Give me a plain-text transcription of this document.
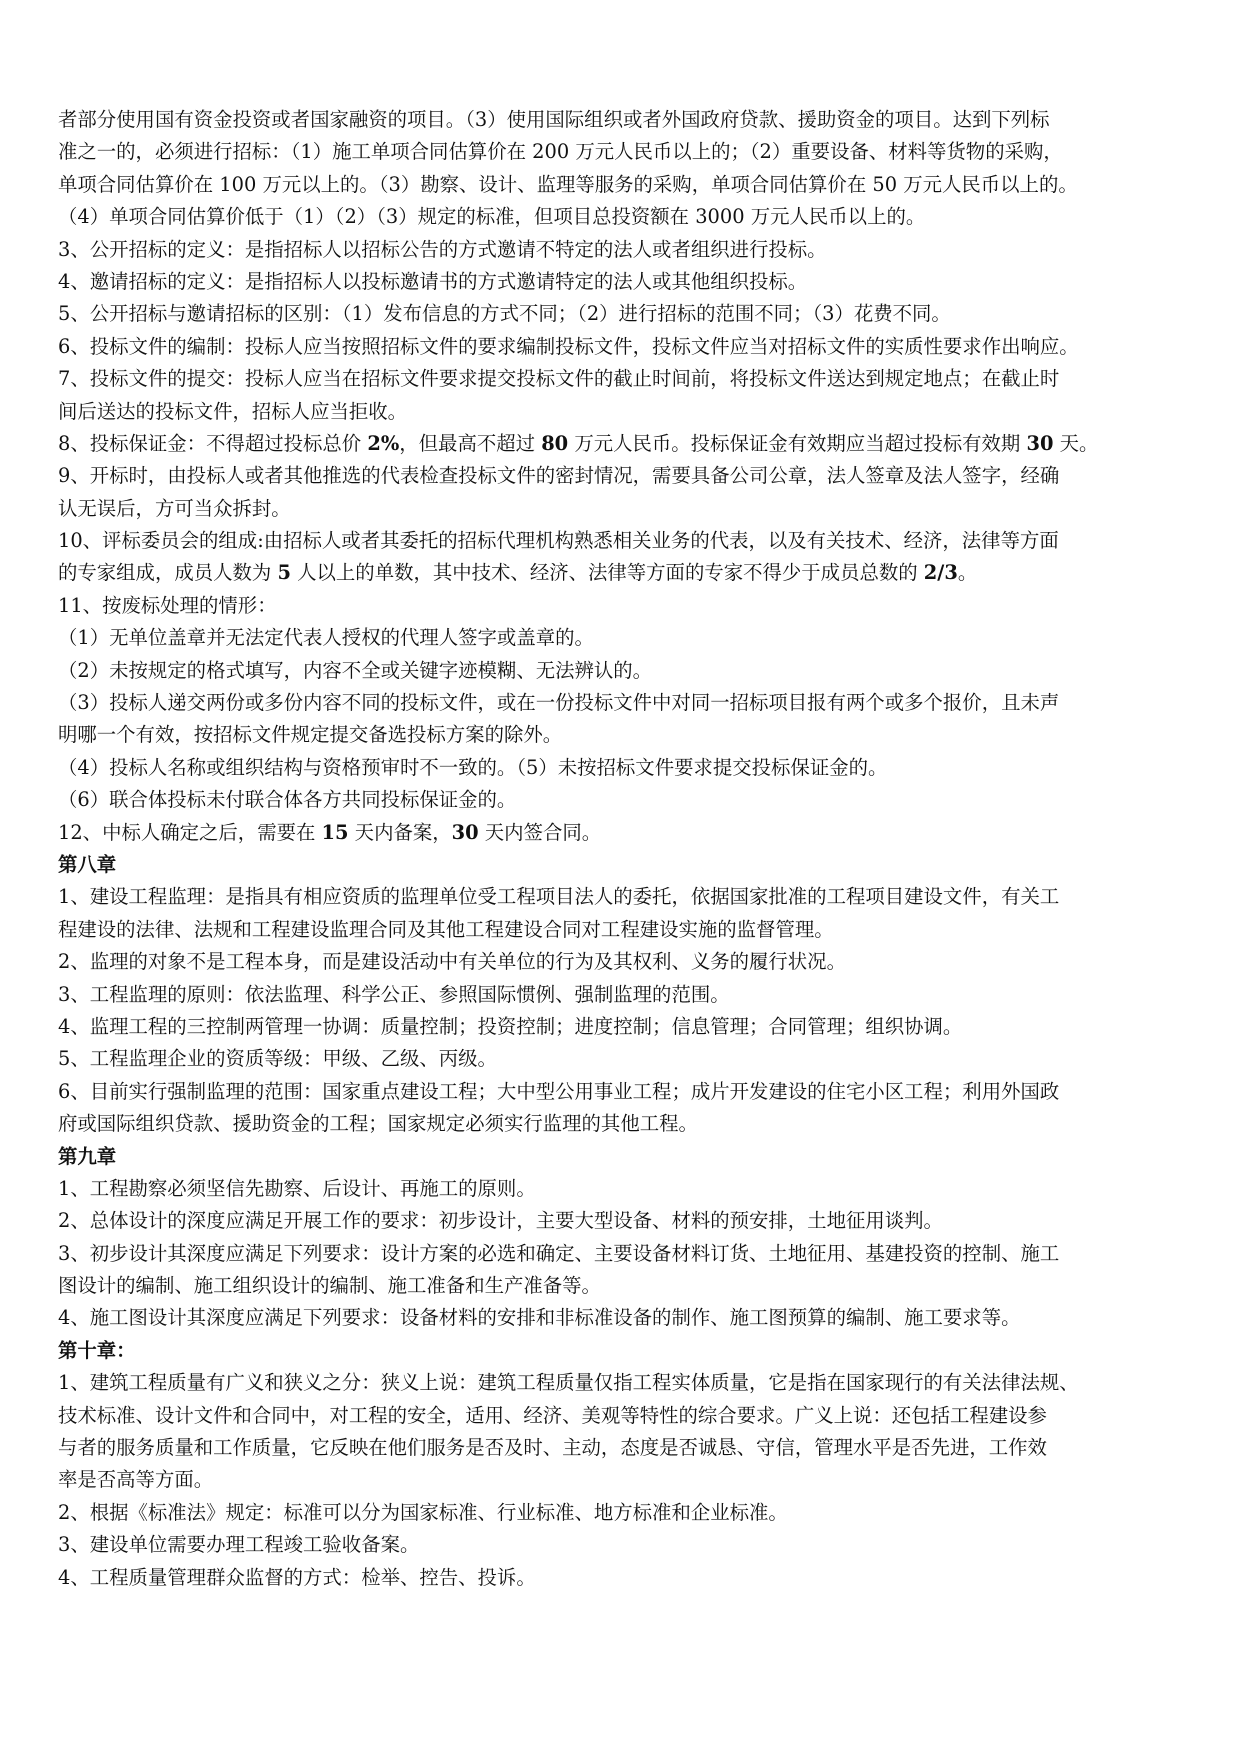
者部分使用国有资金投资或者国家融资的项目。（3）使用国际组织或者外国政府贷款、援助资金的项目。达到下列标
准之一的，必须进行招标：（1）施工单项合同估算价在 200 万元人民币以上的；（2）重要设备、材料等货物的采购，
单项合同估算价在 100 万元以上的。（3）勘察、设计、监理等服务的采购，单项合同估算价在 50 万元人民币以上的。
（4）单项合同估算价低于（1）（2）（3）规定的标准，但项目总投资额在 3000 万元人民币以上的。
3、公开招标的定义：是指招标人以招标公告的方式邀请不特定的法人或者组织进行投标。
4、邀请招标的定义：是指招标人以投标邀请书的方式邀请特定的法人或其他组织投标。
5、公开招标与邀请招标的区别：（1）发布信息的方式不同；（2）进行招标的范围不同；（3）花费不同。
6、投标文件的编制：投标人应当按照招标文件的要求编制投标文件，投标文件应当对招标文件的实质性要求作出响应。
7、投标文件的提交：投标人应当在招标文件要求提交投标文件的截止时间前，将投标文件送达到规定地点；在截止时
间后送达的投标文件，招标人应当拒收。
8、投标保证金：不得超过投标总价 2%，但最高不超过 80 万元人民币。投标保证金有效期应当超过投标有效期 30 天。
9、开标时，由投标人或者其他推选的代表检查投标文件的密封情况，需要具备公司公章，法人签章及法人签字，经确
认无误后，方可当众拆封。
10、评标委员会的组成:由招标人或者其委托的招标代理机构熟悉相关业务的代表，以及有关技术、经济，法律等方面
的专家组成，成员人数为 5 人以上的单数，其中技术、经济、法律等方面的专家不得少于成员总数的 2/3。
11、按废标处理的情形：
（1）无单位盖章并无法定代表人授权的代理人签字或盖章的。
（2）未按规定的格式填写，内容不全或关键字迹模糊、无法辨认的。
（3）投标人递交两份或多份内容不同的投标文件，或在一份投标文件中对同一招标项目报有两个或多个报价，且未声
明哪一个有效，按招标文件规定提交备选投标方案的除外。
（4）投标人名称或组织结构与资格预审时不一致的。（5）未按招标文件要求提交投标保证金的。
（6）联合体投标未付联合体各方共同投标保证金的。
12、中标人确定之后，需要在 15 天内备案，30 天内签合同。
第八章
1、建设工程监理：是指具有相应资质的监理单位受工程项目法人的委托，依据国家批准的工程项目建设文件，有关工
程建设的法律、法规和工程建设监理合同及其他工程建设合同对工程建设实施的监督管理。
2、监理的对象不是工程本身，而是建设活动中有关单位的行为及其权利、义务的履行状况。
3、工程监理的原则：依法监理、科学公正、参照国际惯例、强制监理的范围。
4、监理工程的三控制两管理一协调：质量控制；投资控制；进度控制；信息管理；合同管理；组织协调。
5、工程监理企业的资质等级：甲级、乙级、丙级。
6、目前实行强制监理的范围：国家重点建设工程；大中型公用事业工程；成片开发建设的住宅小区工程；利用外国政
府或国际组织贷款、援助资金的工程；国家规定必须实行监理的其他工程。
第九章
1、工程勘察必须坚信先勘察、后设计、再施工的原则。
2、总体设计的深度应满足开展工作的要求：初步设计，主要大型设备、材料的预安排，土地征用谈判。
3、初步设计其深度应满足下列要求：设计方案的必选和确定、主要设备材料订货、土地征用、基建投资的控制、施工
图设计的编制、施工组织设计的编制、施工准备和生产准备等。
4、施工图设计其深度应满足下列要求：设备材料的安排和非标准设备的制作、施工图预算的编制、施工要求等。
第十章：
1、建筑工程质量有广义和狭义之分：狭义上说：建筑工程质量仅指工程实体质量，它是指在国家现行的有关法律法规、
技术标准、设计文件和合同中，对工程的安全，适用、经济、美观等特性的综合要求。广义上说：还包括工程建设参
与者的服务质量和工作质量，它反映在他们服务是否及时、主动，态度是否诚恳、守信，管理水平是否先进，工作效
率是否高等方面。
2、根据《标准法》规定：标准可以分为国家标准、行业标准、地方标准和企业标准。
3、建设单位需要办理工程竣工验收备案。
4、工程质量管理群众监督的方式：检举、控告、投诉。
